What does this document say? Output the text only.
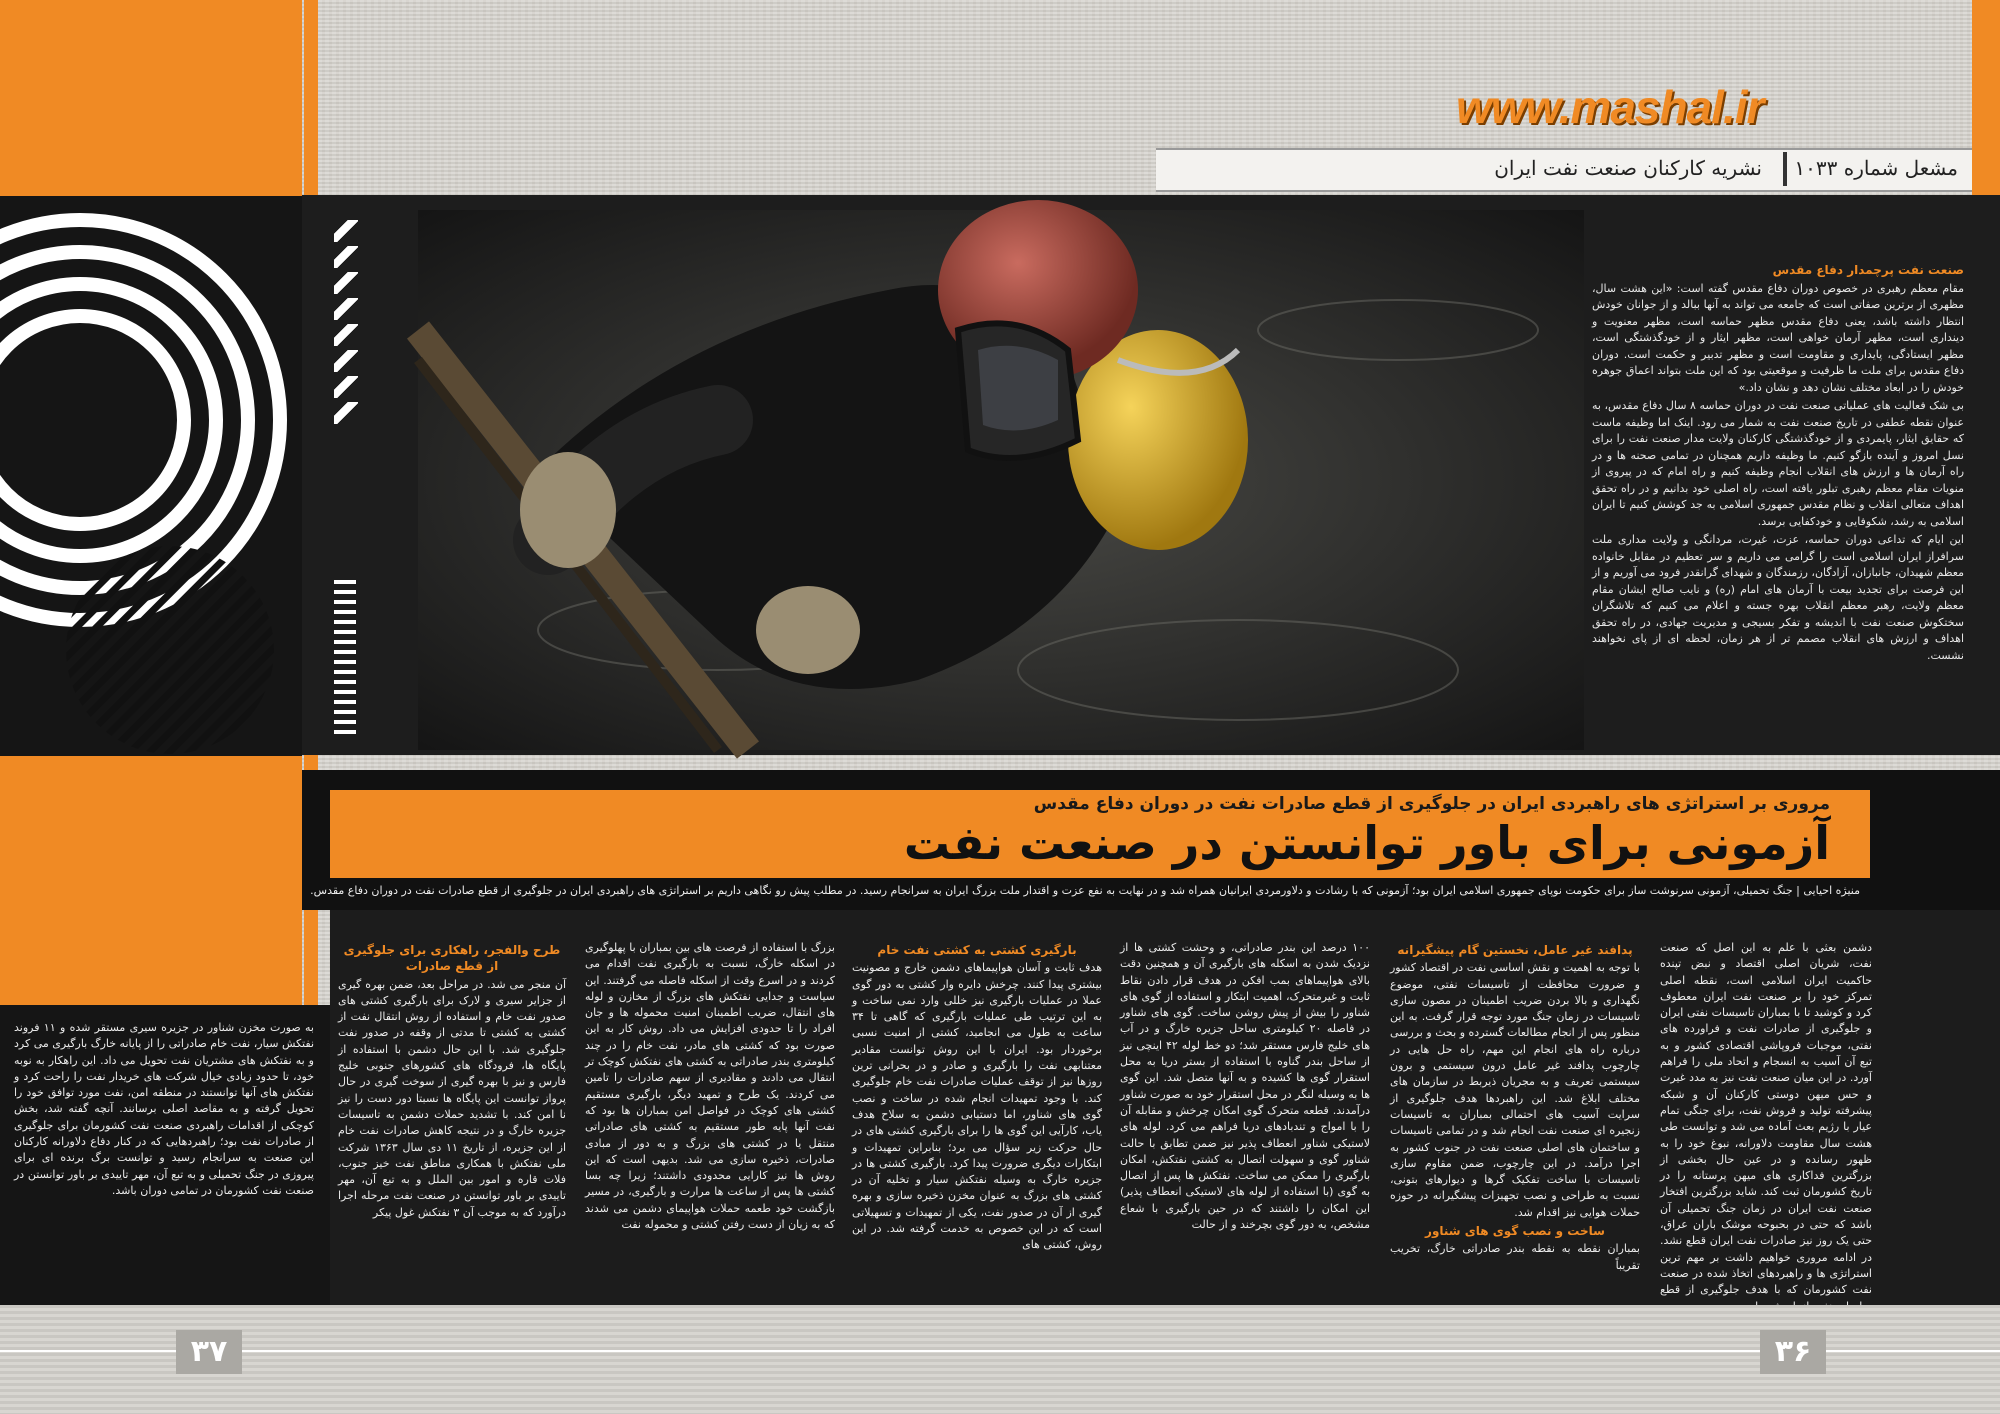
www.mashal.ir
مشعل شماره ۱۰۳۳
نشریه کارکنان صنعت نفت ایران
صنعت نفت پرچمدار دفاع مقدس

مقام معظم رهبری در خصوص دوران دفاع مقدس گفته است: «این هشت سال، مظهری از برترین صفاتی است که جامعه می تواند به آنها ببالد و از جوانان خودش انتظار داشته باشد، یعنی دفاع مقدس مظهر حماسه است، مظهر معنویت و دینداری است، مظهر آرمان خواهی است، مظهر ایثار و از خودگذشتگی است، مظهر ایستادگی، پایداری و مقاومت است و مظهر تدبیر و حکمت است. دوران دفاع مقدس برای ملت ما ظرفیت و موقعیتی بود که این ملت بتواند اعماق جوهره خودش را در ابعاد مختلف نشان دهد و نشان داد.»

بی شک فعالیت های عملیاتی صنعت نفت در دوران حماسه ۸ سال دفاع مقدس، به عنوان نقطه عطفی در تاریخ صنعت نفت به شمار می رود. اینک اما وظیفه ماست که حقایق ایثار، پایمردی و از خودگذشتگی کارکنان ولایت مدار صنعت نفت را برای نسل امروز و آینده بازگو کنیم. ما وظیفه داریم همچنان در تمامی صحنه ها و در راه آرمان ها و ارزش های انقلاب انجام وظیفه کنیم و راه امام که در پیروی از منویات مقام معظم رهبری تبلور یافته است، راه اصلی خود بدانیم و در راه تحقق اهداف متعالی انقلاب و نظام مقدس جمهوری اسلامی به جد کوشش کنیم تا ایران اسلامی به رشد، شکوفایی و خودکفایی برسد.

این ایام که تداعی دوران حماسه، عزت، غیرت، مردانگی و ولایت مداری ملت سرافراز ایران اسلامی است را گرامی می داریم و سر تعظیم در مقابل خانواده معظم شهیدان، جانبازان، آزادگان، رزمندگان و شهدای گرانقدر فرود می آوریم و از این فرصت برای تجدید بیعت با آرمان های امام (ره) و نایب صالح ایشان مقام معظم ولایت، رهبر معظم انقلاب بهره جسته و اعلام می کنیم که تلاشگران سختکوش صنعت نفت با اندیشه و تفکر بسیجی و مدیریت جهادی، در راه تحقق اهداف و ارزش های انقلاب مصمم تر از هر زمان، لحظه ای از پای نخواهند نشست.

مروری بر استراتژی های راهبردی ایران در جلوگیری از قطع صادرات نفت در دوران دفاع مقدس
آزمونی برای باور توانستن در صنعت نفت
منیژه احیایی | جنگ تحمیلی، آزمونی سرنوشت ساز برای حکومت نوپای جمهوری اسلامی ایران بود؛ آزمونی که با رشادت و دلاورمردی ایرانیان همراه شد و در نهایت به نفع عزت و اقتدار ملت بزرگ ایران به سرانجام رسید. در مطلب پیش رو نگاهی داریم بر استراتژی های راهبردی ایران در جلوگیری از قطع صادرات نفت در دوران دفاع مقدس.

دشمن بعثی با علم به این اصل که صنعت نفت، شریان اصلی اقتصاد و نبض تپنده حاکمیت ایران اسلامی است، نقطه اصلی تمرکز خود را بر صنعت نفت ایران معطوف کرد و کوشید تا با بمباران تاسیسات نفتی ایران و جلوگیری از صادرات نفت و فراورده های نفتی، موجبات فروپاشی اقتصادی کشور و به تبع آن آسیب به انسجام و اتحاد ملی را فراهم آورد. در این میان صنعت نفت نیز به مدد غیرت و حس میهن دوستی کارکنان آن و شبکه پیشرفته تولید و فروش نفت، برای جنگی تمام عیار با رژیم بعث آماده می شد و توانست طی هشت سال مقاومت دلاورانه، نبوغ خود را به ظهور رسانده و در عین حال بخشی از بزرگترین فداکاری های میهن پرستانه را در تاریخ کشورمان ثبت کند. شاید بزرگترین افتخار صنعت نفت ایران در زمان جنگ تحمیلی آن باشد که حتی در بحبوحه موشک باران عراق، حتی یک روز نیز صادرات نفت ایران قطع نشد. در ادامه مروری خواهیم داشت بر مهم ترین استراتژی ها و راهبردهای اتخاذ شده در صنعت نفت کشورمان که با هدف جلوگیری از قطع

پدافند غیر عامل، نخستین گام پیشگیرانه

با توجه به اهمیت و نقش اساسی نفت در اقتصاد کشور و ضرورت محافظت از تاسیسات نفتی، موضوع نگهداری و بالا بردن ضریب اطمینان در مصون سازی تاسیسات در زمان جنگ مورد توجه قرار گرفت. به این منظور پس از انجام مطالعات گسترده و بحث و بررسی درباره راه های انجام این مهم، راه حل هایی در چارچوب پدافند غیر عامل درون سیستمی و برون سیستمی تعریف و به مجریان ذیربط در سازمان های مختلف ابلاغ شد. این راهبردها هدف جلوگیری از سرایت آسیب های احتمالی بمباران به تاسیسات زنجیره ای صنعت نفت انجام شد و در تمامی تاسیسات و ساختمان های اصلی صنعت نفت در جنوب کشور به اجرا درآمد. در این چارچوب، ضمن مقاوم سازی تاسیسات با ساخت تفکیک گرها و دیوارهای بتونی، نسبت به طراحی و نصب تجهیزات پیشگیرانه در حوزه حملات هوایی نیز اقدام شد.

ساخت و نصب گوی های شناور

بمباران نقطه به نقطه بندر صادراتی خارگ، تخریب تقریباً

۱۰۰ درصد این بندر صادراتی، و وحشت کشتی ها از نزدیک شدن به اسکله های بارگیری آن و همچنین دقت بالای هواپیماهای بمب افکن در هدف قرار دادن نقاط ثابت و غیرمتحرک، اهمیت ابتکار و استفاده از گوی های شناور را بیش از پیش روشن ساخت. گوی های شناور در فاصله ۲۰ کیلومتری ساحل جزیره خارگ و در آب های خلیج فارس مستقر شد؛ دو خط لوله ۴۲ اینچی نیز از ساحل بندر گناوه با استفاده از بستر دریا به محل استقرار گوی ها کشیده و به آنها متصل شد. این گوی ها به وسیله لنگر در محل استقرار خود به صورت شناور درآمدند. قطعه متحرک گوی امکان چرخش و مقابله آن را با امواج و تندبادهای دریا فراهم می کرد. لوله های لاستیکی شناور انعطاف پذیر نیز ضمن تطابق با حالت شناور گوی و سهولت اتصال به کشتی نفتکش، امکان بارگیری را ممکن می ساخت. نفتکش ها پس از اتصال به گوی (با استفاده از لوله های لاستیکی انعطاف پذیر) این امکان را داشتند که در حین بارگیری با شعاع مشخص، به دور گوی بچرخند و از حالت

بارگیری کشتی به کشتی نفت خام

هدف ثابت و آسان هواپیماهای دشمن خارج و مصونیت بیشتری پیدا کنند. چرخش دایره وار کشتی به دور گوی عملا در عملیات بارگیری نیز خللی وارد نمی ساخت و به این ترتیب طی عملیات بارگیری که گاهی تا ۳۴ ساعت به طول می انجامید، کشتی از امنیت نسبی برخوردار بود. ایران با این روش توانست مقادیر معتنابهی نفت را بارگیری و صادر و در بحرانی ترین روزها نیز از توقف عملیات صادرات نفت خام جلوگیری کند. با وجود تمهیدات انجام شده در ساخت و نصب گوی های شناور، اما دستیابی دشمن به سلاح هدف یاب، کارآیی این گوی ها را برای بارگیری کشتی های در حال حرکت زیر سؤال می برد؛ بنابراین تمهیدات و ابتکارات دیگری ضرورت پیدا کرد. بارگیری کشتی ها در جزیره خارگ به وسیله نفتکش سیار و تخلیه آن در کشتی های بزرگ به عنوان مخزن ذخیره سازی و بهره گیری از آن در صدور نفت، یکی از تمهیدات و تسهیلاتی است که در این خصوص به خدمت گرفته شد. در این روش، کشتی های

بزرگ با استفاده از فرصت های بین بمباران با پهلوگیری در اسکله خارگ، نسبت به بارگیری نفت اقدام می کردند و در اسرع وقت از اسکله فاصله می گرفتند. این سیاست و جدایی نفتکش های بزرگ از مخازن و لوله های انتقال، ضریب اطمینان امنیت محموله ها و جان افراد را تا حدودی افزایش می داد. روش کار به این صورت بود که کشتی های مادر، نفت خام را در چند کیلومتری بندر صادراتی به کشتی های نفتکش کوچک تر انتقال می دادند و مقادیری از سهم صادرات را تامین می کردند. یک طرح و تمهید دیگر، بارگیری مستقیم کشتی های کوچک در فواصل امن بمباران ها بود که نفت آنها پایه طور مستقیم به کشتی های صادراتی منتقل یا در کشتی های بزرگ و به دور از مبادی صادرات، ذخیره سازی می شد. بدیهی است که این روش ها نیز کارایی محدودی داشتند؛ زیرا چه بسا کشتی ها پس از ساعت ها مرارت و بارگیری، در مسیر بازگشت خود طعمه حملات هواپیمای دشمن می شدند که به زیان از دست رفتن کشتی و محموله نفت

طرح والفجر، راهکاری برای جلوگیری از قطع صادرات

آن منجر می شد. در مراحل بعد، ضمن بهره گیری از جزایر سیری و لارک برای بارگیری کشتی های صدور نفت خام و استفاده از روش انتقال نفت از کشتی به کشتی تا مدتی از وقفه در صدور نفت جلوگیری شد. با این حال دشمن با استفاده از پایگاه ها، فرودگاه های کشورهای جنوبی خلیج فارس و نیز با بهره گیری از سوخت گیری در حال پرواز توانست این پایگاه ها نسبتا دور دست را نیز نا امن کند. با تشدید حملات دشمن به تاسیسات جزیره خارگ و در نتیجه کاهش صادرات نفت خام از این جزیره، از تاریخ ۱۱ دی سال ۱۳۶۳ شرکت ملی نفتکش با همکاری مناطق نفت خیز جنوب، فلات قاره و امور بین الملل و به تبع آن، مهر تاییدی بر باور توانستن در صنعت نفت مرحله اجرا درآورد که به موجب آن ۳ نفتکش غول پیکر

به صورت مخزن شناور در جزیره سیری مستقر شده و ۱۱ فروند نفتکش سیار، نفت خام صادراتی را از پایانه خارگ بارگیری می کرد و به نفتکش های مشتریان نفت تحویل می داد. این راهکار به نوبه خود، تا حدود زیادی خیال شرکت های خریدار نفت را راحت کرد و نفتکش های آنها توانستند در منطقه امن، نفت مورد توافق خود را تحویل گرفته و به مقاصد اصلی برسانند. آنچه گفته شد، بخش کوچکی از اقدامات راهبردی صنعت نفت کشورمان برای جلوگیری از صادرات نفت بود؛ راهبردهایی که در کنار دفاع دلاورانه کارکنان این صنعت به سرانجام رسید و توانست برگ برنده ای برای پیروزی در جنگ تحمیلی و به تبع آن، مهر تاییدی بر باور توانستن در صنعت نفت کشورمان در تمامی دوران باشد.

۳۷	۳۶
